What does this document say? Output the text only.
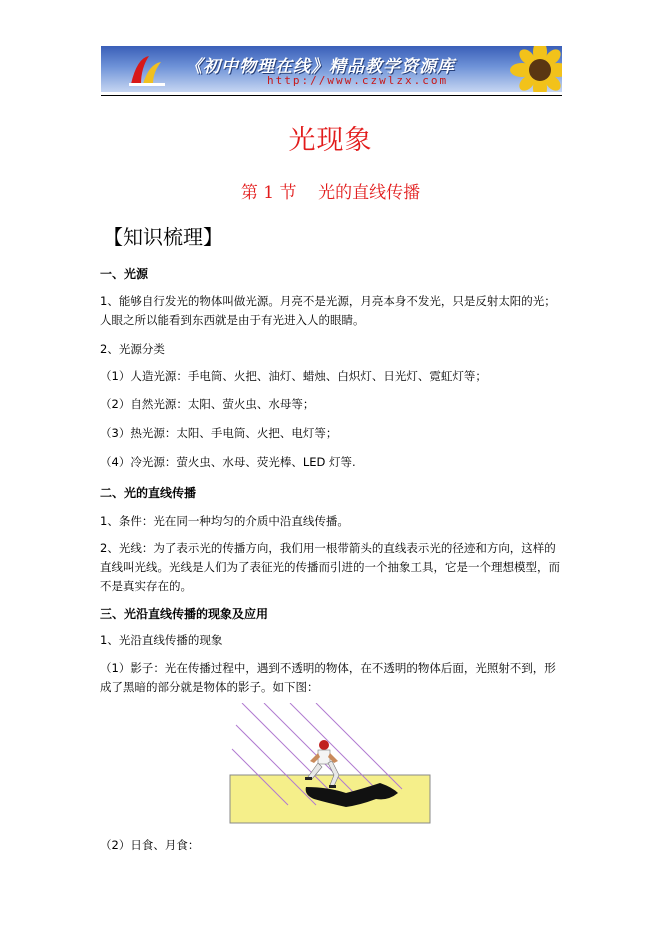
《初中物理在线》精品教学资源库
http://www.czwlzx.com
光现象
第 1 节    光的直线传播
【知识梳理】
一、光源
1、能够自行发光的物体叫做光源。月亮不是光源，月亮本身不发光，只是反射太阳的光；人眼之所以能看到东西就是由于有光进入人的眼睛。
2、光源分类
（1）人造光源：手电筒、火把、油灯、蜡烛、白炽灯、日光灯、霓虹灯等；
（2）自然光源：太阳、萤火虫、水母等；
（3）热光源：太阳、手电筒、火把、电灯等；
（4）冷光源：萤火虫、水母、荧光棒、LED 灯等.
二、光的直线传播
1、条件：光在同一种均匀的介质中沿直线传播。
2、光线：为了表示光的传播方向，我们用一根带箭头的直线表示光的径迹和方向，这样的直线叫光线。光线是人们为了表征光的传播而引进的一个抽象工具，它是一个理想模型，而不是真实存在的。
三、光沿直线传播的现象及应用
1、光沿直线传播的现象
（1）影子：光在传播过程中，遇到不透明的物体，在不透明的物体后面，光照射不到，形成了黑暗的部分就是物体的影子。如下图：
（2）日食、月食：
